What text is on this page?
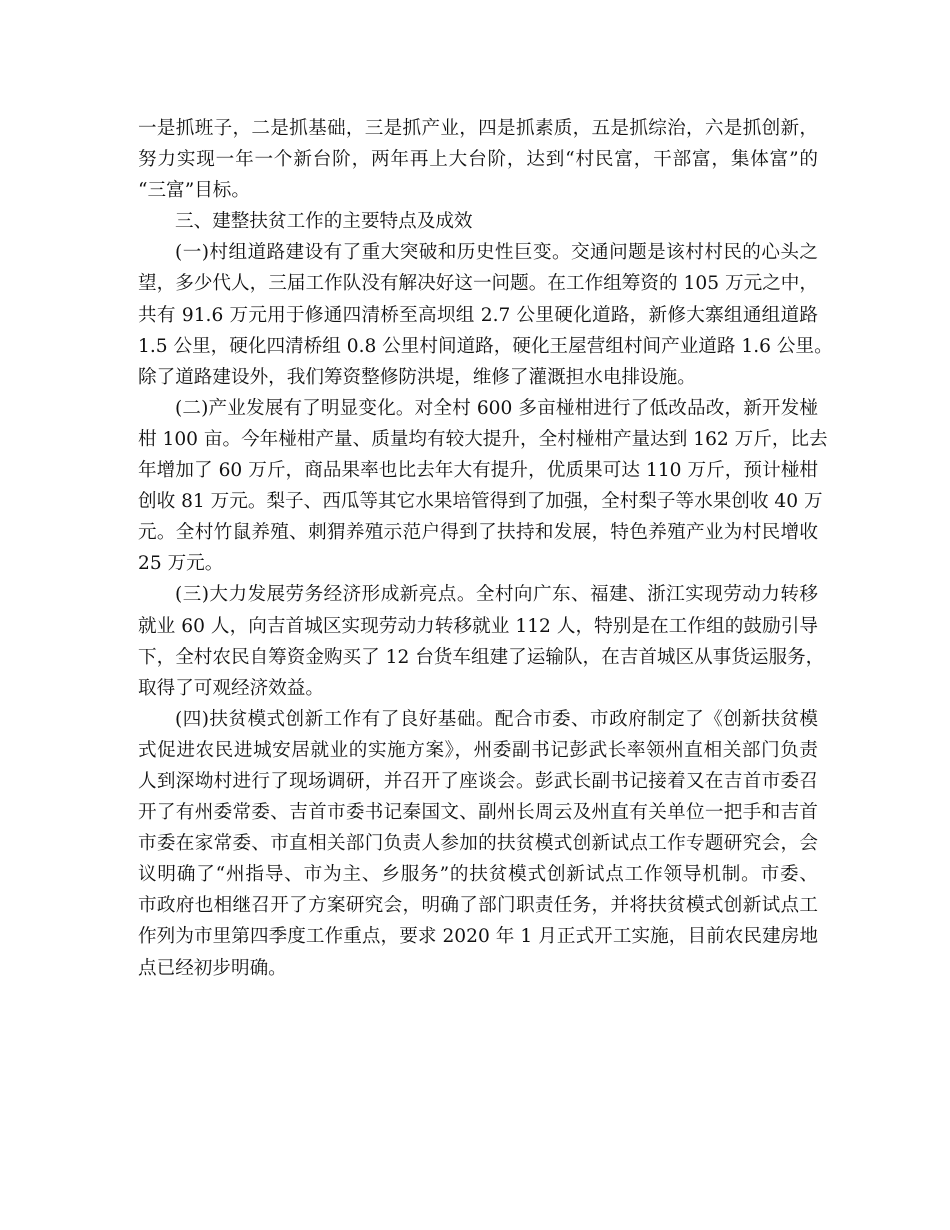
一是抓班子，二是抓基础，三是抓产业，四是抓素质，五是抓综治，六是抓创新，
努力实现一年一个新台阶，两年再上大台阶，达到“村民富，干部富，集体富”的
“三富”目标。
三、建整扶贫工作的主要特点及成效
(一)村组道路建设有了重大突破和历史性巨变。交通问题是该村村民的心头之
望，多少代人，三届工作队没有解决好这一问题。在工作组筹资的 105 万元之中，
共有 91.6 万元用于修通四清桥至高坝组 2.7 公里硬化道路，新修大寨组通组道路
1.5 公里，硬化四清桥组 0.8 公里村间道路，硬化王屋营组村间产业道路 1.6 公里。
除了道路建设外，我们筹资整修防洪堤，维修了灌溉担水电排设施。
(二)产业发展有了明显变化。对全村 600 多亩椪柑进行了低改品改，新开发椪
柑 100 亩。今年椪柑产量、质量均有较大提升，全村椪柑产量达到 162 万斤，比去
年增加了 60 万斤，商品果率也比去年大有提升，优质果可达 110 万斤，预计椪柑
创收 81 万元。梨子、西瓜等其它水果培管得到了加强，全村梨子等水果创收 40 万
元。全村竹鼠养殖、刺猬养殖示范户得到了扶持和发展，特色养殖产业为村民增收
25 万元。
(三)大力发展劳务经济形成新亮点。全村向广东、福建、浙江实现劳动力转移
就业 60 人，向吉首城区实现劳动力转移就业 112 人，特别是在工作组的鼓励引导
下，全村农民自筹资金购买了 12 台货车组建了运输队，在吉首城区从事货运服务，
取得了可观经济效益。
(四)扶贫模式创新工作有了良好基础。配合市委、市政府制定了《创新扶贫模
式促进农民进城安居就业的实施方案》，州委副书记彭武长率领州直相关部门负责
人到深坳村进行了现场调研，并召开了座谈会。彭武长副书记接着又在吉首市委召
开了有州委常委、吉首市委书记秦国文、副州长周云及州直有关单位一把手和吉首
市委在家常委、市直相关部门负责人参加的扶贫模式创新试点工作专题研究会，会
议明确了“州指导、市为主、乡服务”的扶贫模式创新试点工作领导机制。市委、
市政府也相继召开了方案研究会，明确了部门职责任务，并将扶贫模式创新试点工
作列为市里第四季度工作重点，要求 2020 年 1 月正式开工实施，目前农民建房地
点已经初步明确。
